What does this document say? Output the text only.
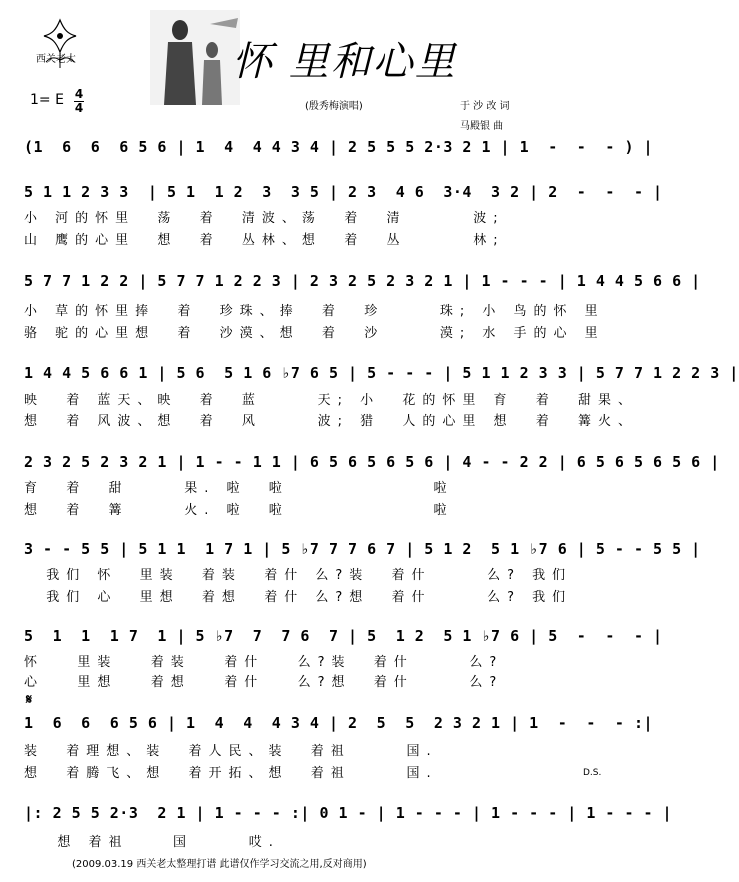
西关老太	怀 里和心里
1= E 4
4	(殷秀梅演唱)	于 沙 改 词
马殿银 曲
(1  6  6  6 5 6 | 1  4  4 4 3 4 | 2 5 5 5 2·3 2 1 | 1  -  -  - ) |
5 1 1 2 3 3  | 5 1  1 2  3  3 5 | 2 3  4 6  3·4  3 2 | 2  -  -  - |
小 河的怀里  荡  着  清波、荡  着  清      波;
山 鹰的心里  想  着  丛林、想  着  丛      林;
5 7 7 1 2 2 | 5 7 7 1 2 2 3 | 2 3 2 5 2 3 2 1 | 1 - - - | 1 4 4 5 6 6 |
小 草的怀里捧  着  珍珠、捧  着  珍     珠; 小 鸟的怀 里
骆 驼的心里想  着  沙漠、想  着  沙     漠; 水 手的心 里
1 4 4 5 6 6 1 | 5 6  5 1 6 ♭7 6 5 | 5 - - - | 5 1 1 2 3 3 | 5 7 7 1 2 2 3 |
映  着 蓝天、映  着  蓝     天; 小  花的怀里 育  着  甜果、
想  着 风波、想  着  风     波; 猎  人的心里 想  着  篝火、
2 3 2 5 2 3 2 1 | 1 - - 1 1 | 6 5 6 5 6 5 6 | 4 - - 2 2 | 6 5 6 5 6 5 6 |
育  着  甜     果. 啦  啦             啦
想  着  篝     火. 啦  啦             啦
3 - - 5 5 | 5 1 1  1 7 1 | 5 ♭7 7 7 6 7 | 5 1 2  5 1 ♭7 6 | 5 - - 5 5 |
我们 怀  里装  着装  着什 么?装  着什     么? 我们
我们 心  里想  着想  着什 么?想  着什     么? 我们
5  1  1  1 7  1 | 5 ♭7  7  7 6  7 | 5  1 2  5 1 ♭7 6 | 5  -  -  - |
怀   里装   着装   着什   么?装  着什     么?
心   里想   着想   着什   么?想  着什     么?
𝄋
1  6  6  6 5 6 | 1  4  4  4 3 4 | 2  5  5  2 3 2 1 | 1  -  -  - :|
装  着理想、装  着人民、装  着祖     国.
想  着腾飞、想  着开拓、想  着祖     国.	D.S.
|: 2 5 5 2·3  2 1 | 1 - - - :| 0 1 - | 1 - - - | 1 - - - | 1 - - - |
想 着祖    国     哎.
(2009.03.19 西关老太整理打谱 此谱仅作学习交流之用,反对商用)
